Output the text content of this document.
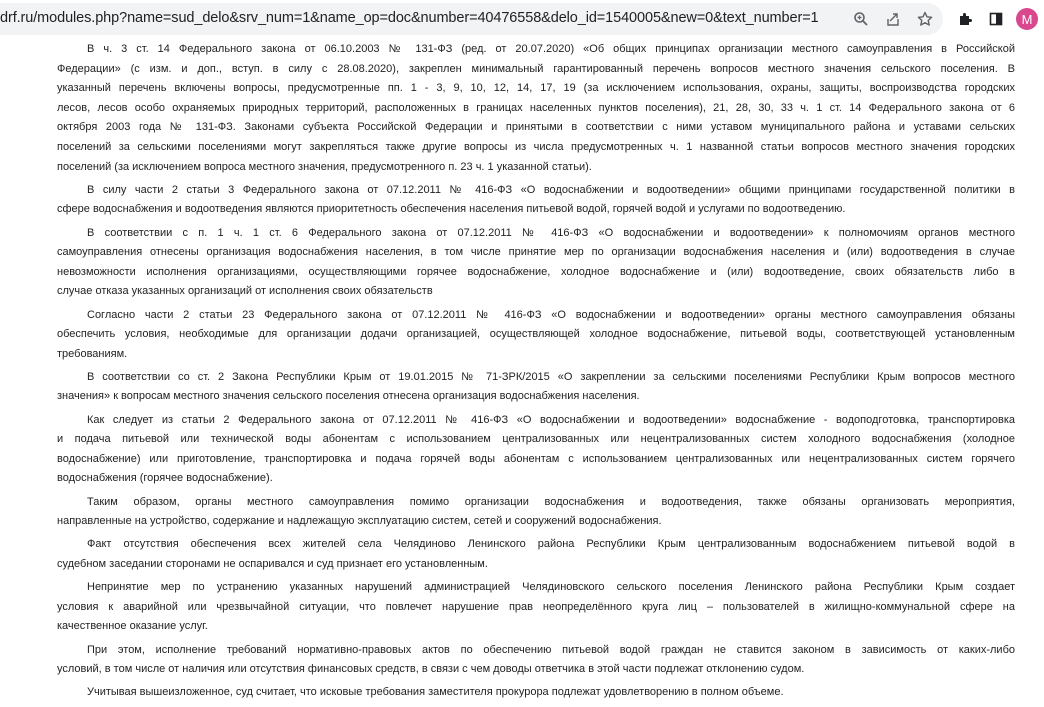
drf.ru/modules.php?name=sud_delo&srv_num=1&name_op=doc&number=40476558&delo_id=1540005&new=0&text_number=1	M
В ч. 3 ст. 14 Федерального закона от 06.10.2003 № 131-ФЗ (ред. от 20.07.2020) «Об общих принципах организации местного самоуправления в Российской
Федерации» (с изм. и доп., вступ. в силу с 28.08.2020), закреплен минимальный гарантированный перечень вопросов местного значения сельского поселения. В
указанный перечень включены вопросы, предусмотренные пп. 1 - 3, 9, 10, 12, 14, 17, 19 (за исключением использования, охраны, защиты, воспроизводства городских
лесов, лесов особо охраняемых природных территорий, расположенных в границах населенных пунктов поселения), 21, 28, 30, 33 ч. 1 ст. 14 Федерального закона от 6
октября 2003 года № 131-ФЗ. Законами субъекта Российской Федерации и принятыми в соответствии с ними уставом муниципального района и уставами сельских
поселений за сельскими поселениями могут закрепляться также другие вопросы из числа предусмотренных ч. 1 названной статьи вопросов местного значения городских
поселений (за исключением вопроса местного значения, предусмотренного п. 23 ч. 1 указанной статьи).
В силу части 2 статьи 3 Федерального закона от 07.12.2011 № 416-ФЗ «О водоснабжении и водоотведении» общими принципами государственной политики в
сфере водоснабжения и водоотведения являются приоритетность обеспечения населения питьевой водой, горячей водой и услугами по водоотведению.
В соответствии с п. 1 ч. 1 ст. 6 Федерального закона от 07.12.2011 № 416-ФЗ «О водоснабжении и водоотведении» к полномочиям органов местного
самоуправления отнесены организация водоснабжения населения, в том числе принятие мер по организации водоснабжения населения и (или) водоотведения в случае
невозможности исполнения организациями, осуществляющими горячее водоснабжение, холодное водоснабжение и (или) водоотведение, своих обязательств либо в
случае отказа указанных организаций от исполнения своих обязательств
Согласно части 2 статьи 23 Федерального закона от 07.12.2011 № 416-ФЗ «О водоснабжении и водоотведении» органы местного самоуправления обязаны
обеспечить условия, необходимые для организации додачи организацией, осуществляющей холодное водоснабжение, питьевой воды, соответствующей установленным
требованиям.
В соответствии со ст. 2 Закона Республики Крым от 19.01.2015 № 71-ЗРК/2015 «О закреплении за сельскими поселениями Республики Крым вопросов местного
значения» к вопросам местного значения сельского поселения отнесена организация водоснабжения населения.
Как следует из статьи 2 Федерального закона от 07.12.2011 № 416-ФЗ «О водоснабжении и водоотведении» водоснабжение - водоподготовка, транспортировка
и подача питьевой или технической воды абонентам с использованием централизованных или нецентрализованных систем холодного водоснабжения (холодное
водоснабжение) или приготовление, транспортировка и подача горячей воды абонентам с использованием централизованных или нецентрализованных систем горячего
водоснабжения (горячее водоснабжение).
Таким образом, органы местного самоуправления помимо организации водоснабжения и водоотведения, также обязаны организовать мероприятия,
направленные на устройство, содержание и надлежащую эксплуатацию систем, сетей и сооружений водоснабжения.
Факт отсутствия обеспечения всех жителей села Челядиново Ленинского района Республики Крым централизованным водоснабжением питьевой водой в
судебном заседании сторонами не оспаривался и суд признает его установленным.
Непринятие мер по устранению указанных нарушений администрацией Челядиновского сельского поселения Ленинского района Республики Крым создает
условия к аварийной или чрезвычайной ситуации, что повлечет нарушение прав неопределённого круга лиц – пользователей в жилищно-коммунальной сфере на
качественное оказание услуг.
При этом, исполнение требований нормативно-правовых актов по обеспечению питьевой водой граждан не ставится законом в зависимость от каких-либо
условий, в том числе от наличия или отсутствия финансовых средств, в связи с чем доводы ответчика в этой части подлежат отклонению судом.
Учитывая вышеизложенное, суд считает, что исковые требования заместителя прокурора подлежат удовлетворению в полном объеме.
